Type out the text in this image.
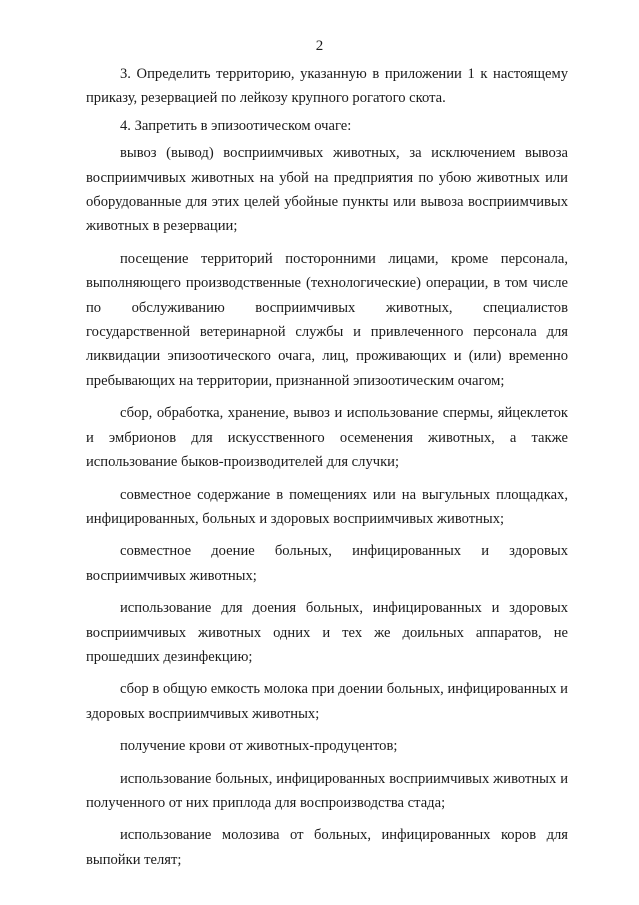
2

3. Определить территорию, указанную в приложении 1 к настоящему приказу, резервацией по лейкозу крупного рогатого скота.

4. Запретить в эпизоотическом очаге:

вывоз (вывод) восприимчивых животных, за исключением вывоза восприимчивых животных на убой на предприятия по убою животных или оборудованные для этих целей убойные пункты или вывоза восприимчивых животных в резервации;

посещение территорий посторонними лицами, кроме персонала, выполняющего производственные (технологические) операции, в том числе по обслуживанию восприимчивых животных, специалистов государственной ветеринарной службы и привлеченного персонала для ликвидации эпизоотического очага, лиц, проживающих и (или) временно пребывающих на территории, признанной эпизоотическим очагом;

сбор, обработка, хранение, вывоз и использование спермы, яйцеклеток и эмбрионов для искусственного осеменения животных, а также использование быков-производителей для случки;

совместное содержание в помещениях или на выгульных площадках, инфицированных, больных и здоровых восприимчивых животных;

совместное доение больных, инфицированных и здоровых восприимчивых животных;

использование для доения больных, инфицированных и здоровых восприимчивых животных одних и тех же доильных аппаратов, не прошедших дезинфекцию;

сбор в общую емкость молока при доении больных, инфицированных и здоровых восприимчивых животных;

получение крови от животных-продуцентов;

использование больных, инфицированных восприимчивых животных и полученного от них приплода для воспроизводства стада;

использование молозива от больных, инфицированных коров для выпойки телят;
